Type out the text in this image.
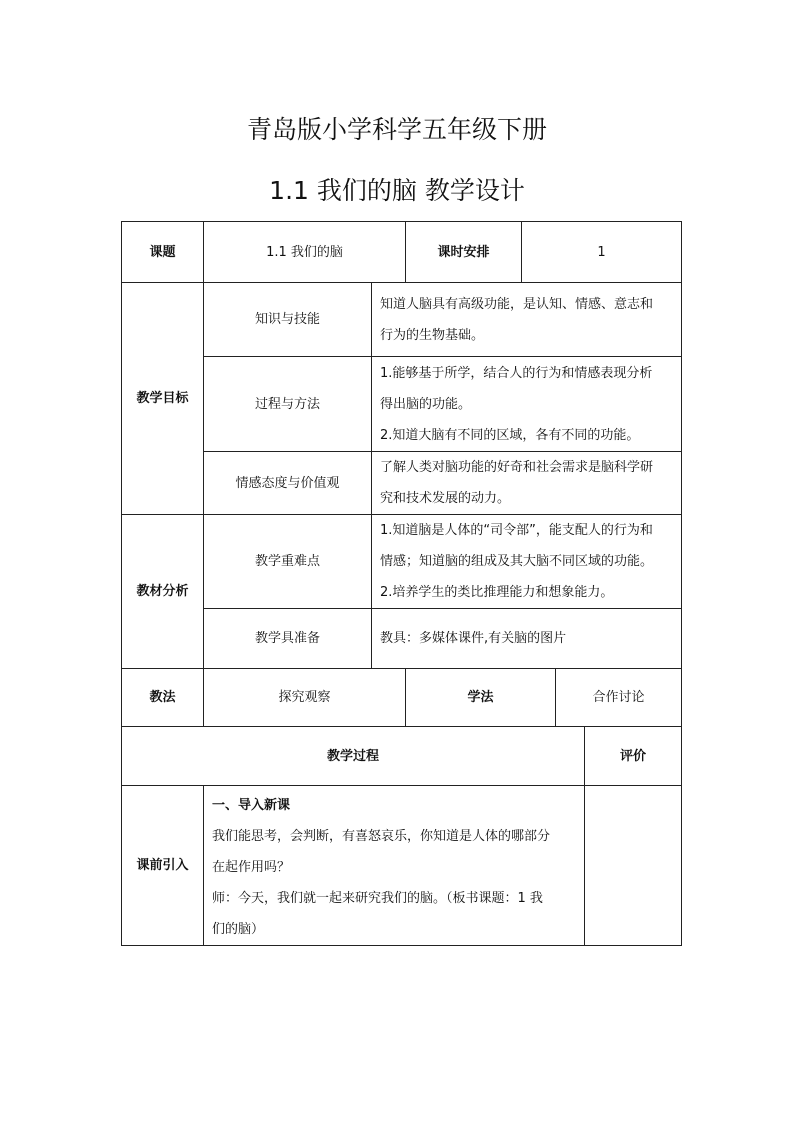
青岛版小学科学五年级下册
1.1 我们的脑 教学设计
课题	1.1 我们的脑		课时安排	1	
教学目标	知识与技能	知道人脑具有高级功能，是认知、情感、意志和
行为的生物基础。			

	过程与方法	1.能够基于所学，结合人的行为和情感表现分析
得出脑的功能。
2.知道大脑有不同的区域，各有不同的功能。			

	情感态度与价值观	了解人类对脑功能的好奇和社会需求是脑科学研
究和技术发展的动力。			

教材分析	教学重难点	1.知道脑是人体的“司令部”，能支配人的行为和
情感；知道脑的组成及其大脑不同区域的功能。
2.培养学生的类比推理能力和想象能力。			

	教学具准备	教具：多媒体课件,有关脑的图片			

教法	探究观察		学法		合作讨论
教学过程		评价
课前引入	一、导入新课
我们能思考，会判断，有喜怒哀乐，你知道是人体的哪部分
在起作用吗？
师：今天，我们就一起来研究我们的脑。（板书课题：1 我
们的脑）	
